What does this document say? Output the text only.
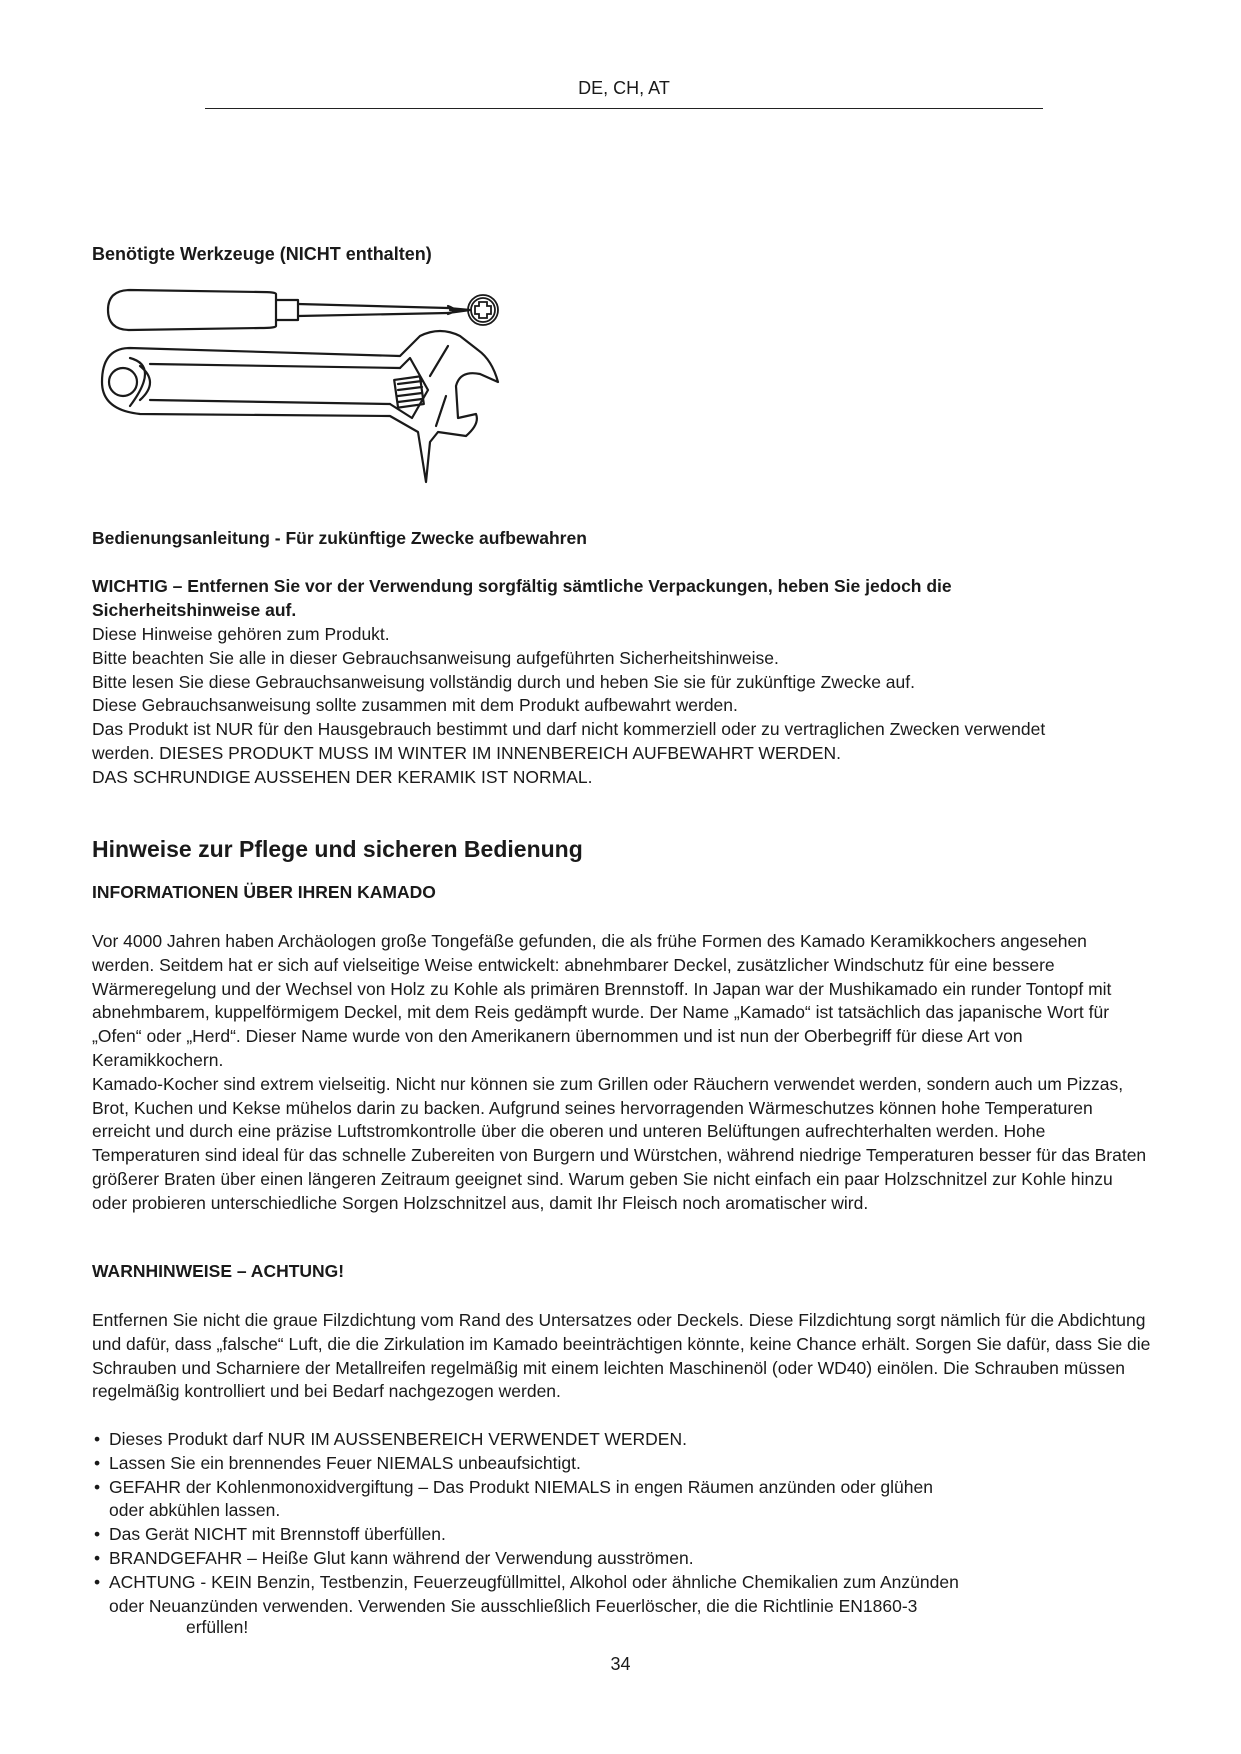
DE, CH, AT
Benötigte Werkzeuge (NICHT enthalten)
Bedienungsanleitung - Für zukünftige Zwecke aufbewahren
WICHTIG – Entfernen Sie vor der Verwendung sorgfältig sämtliche Verpackungen, heben Sie jedoch die Sicherheitshinweise auf.

Diese Hinweise gehören zum Produkt.

Bitte beachten Sie alle in dieser Gebrauchsanweisung aufgeführten Sicherheitshinweise.

Bitte lesen Sie diese Gebrauchsanweisung vollständig durch und heben Sie sie für zukünftige Zwecke auf.

Diese Gebrauchsanweisung sollte zusammen mit dem Produkt aufbewahrt werden.

Das Produkt ist NUR für den Hausgebrauch bestimmt und darf nicht kommerziell oder zu vertraglichen Zwecken verwendet werden. DIESES PRODUKT MUSS IM WINTER IM INNENBEREICH AUFBEWAHRT WERDEN.

DAS SCHRUNDIGE AUSSEHEN DER KERAMIK IST NORMAL.

Hinweise zur Pflege und sicheren Bedienung
INFORMATIONEN ÜBER IHREN KAMADO

Vor 4000 Jahren haben Archäologen große Tongefäße gefunden, die als frühe Formen des Kamado Keramikkochers angesehen werden. Seitdem hat er sich auf vielseitige Weise entwickelt: abnehmbarer Deckel, zusätzlicher Windschutz für eine bessere Wärmeregelung und der Wechsel von Holz zu Kohle als primären Brennstoff. In Japan war der Mushikamado ein runder Tontopf mit abnehmbarem, kuppelförmigem Deckel, mit dem Reis gedämpft wurde. Der Name „Kamado“ ist tatsächlich das japanische Wort für „Ofen“ oder „Herd“. Dieser Name wurde von den Amerikanern übernommen und ist nun der Oberbegriff für diese Art von Keramikkochern.

Kamado-Kocher sind extrem vielseitig. Nicht nur können sie zum Grillen oder Räuchern verwendet werden, sondern auch um Pizzas, Brot, Kuchen und Kekse mühelos darin zu backen. Aufgrund seines hervorragenden Wärmeschutzes können hohe Temperaturen erreicht und durch eine präzise Luftstromkontrolle über die oberen und unteren Belüftungen aufrechterhalten werden. Hohe Temperaturen sind ideal für das schnelle Zubereiten von Burgern und Würstchen, während niedrige Temperaturen besser für das Braten größerer Braten über einen längeren Zeitraum geeignet sind. Warum geben Sie nicht einfach ein paar Holzschnitzel zur Kohle hinzu oder probieren unterschiedliche Sorgen Holzschnitzel aus, damit Ihr Fleisch noch aromatischer wird.

WARNHINWEISE – ACHTUNG!
Entfernen Sie nicht die graue Filzdichtung vom Rand des Untersatzes oder Deckels. Diese Filzdichtung sorgt nämlich für die Abdichtung und dafür, dass „falsche“ Luft, die die Zirkulation im Kamado beeinträchtigen könnte, keine Chance erhält. Sorgen Sie dafür, dass Sie die Schrauben und Scharniere der Metallreifen regelmäßig mit einem leichten Maschinenöl (oder WD40) einölen. Die Schrauben müssen regelmäßig kontrolliert und bei Bedarf nachgezogen werden.
• Dieses Produkt darf NUR IM AUSSENBEREICH VERWENDET WERDEN.
• Lassen Sie ein brennendes Feuer NIEMALS unbeaufsichtigt.
• GEFAHR der Kohlenmonoxidvergiftung – Das Produkt NIEMALS in engen Räumen anzünden oder glühen
oder abkühlen lassen.
• Das Gerät NICHT mit Brennstoff überfüllen.
• BRANDGEFAHR – Heiße Glut kann während der Verwendung ausströmen.
• ACHTUNG - KEIN Benzin, Testbenzin, Feuerzeugfüllmittel, Alkohol oder ähnliche Chemikalien zum Anzünden
oder Neuanzünden verwenden. Verwenden Sie ausschließlich Feuerlöscher, die die Richtlinie EN1860-3
erfüllen!
34
